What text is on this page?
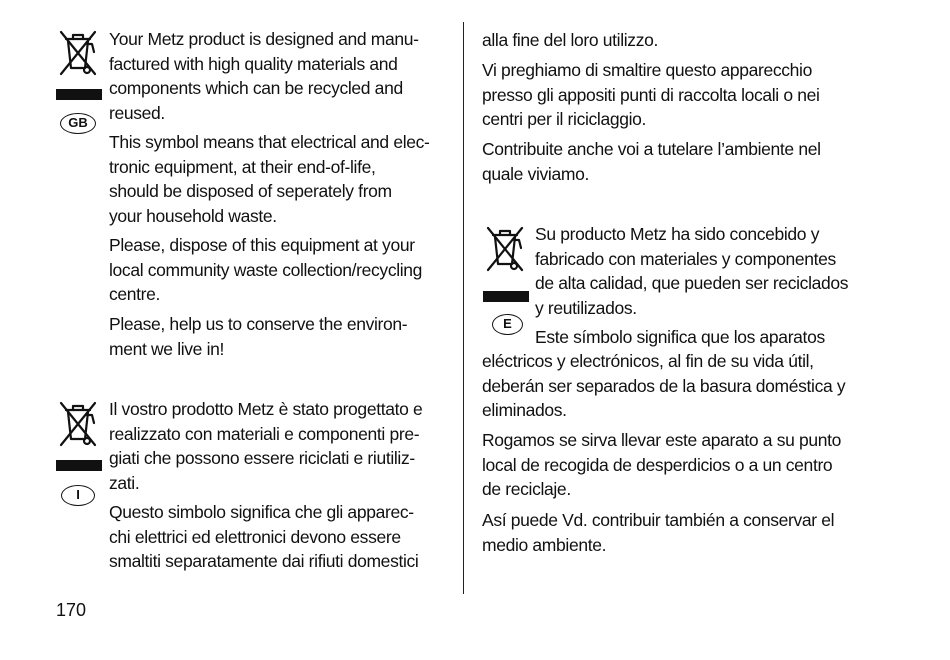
GB

Your Metz product is designed and manu-
factured with high quality materials and
components which can be recycled and
reused.

This symbol means that electrical and elec-
tronic equipment, at their end-of-life,
should be disposed of seperately from
your household waste.

Please, dispose of this equipment at your
local community waste collection/recycling
centre.

Please, help us to conserve the environ-
ment we live in!

I

Il vostro prodotto Metz è stato progettato e
realizzato con materiali e componenti pre-
giati che possono essere riciclati e riutiliz-
zati.

Questo simbolo significa che gli apparec-
chi elettrici ed elettronici devono essere
smaltiti separatamente dai rifiuti domestici

alla fine del loro utilizzo.

Vi preghiamo di smaltire questo apparecchio
presso gli appositi punti di raccolta locali o nei
centri per il riciclaggio.

Contribuite anche voi a tutelare l’ambiente nel
quale viviamo.

E

Su producto Metz ha sido concebido y
fabricado con materiales y componentes
de alta calidad, que pueden ser reciclados
y reutilizados.

Este símbolo significa que los aparatos

eléctricos y electrónicos, al fin de su vida útil,
deberán ser separados de la basura doméstica y
eliminados.

Rogamos se sirva llevar este aparato a su punto
local de recogida de desperdicios o a un centro
de reciclaje.

Así puede Vd. contribuir también a conservar el
medio ambiente.

170
